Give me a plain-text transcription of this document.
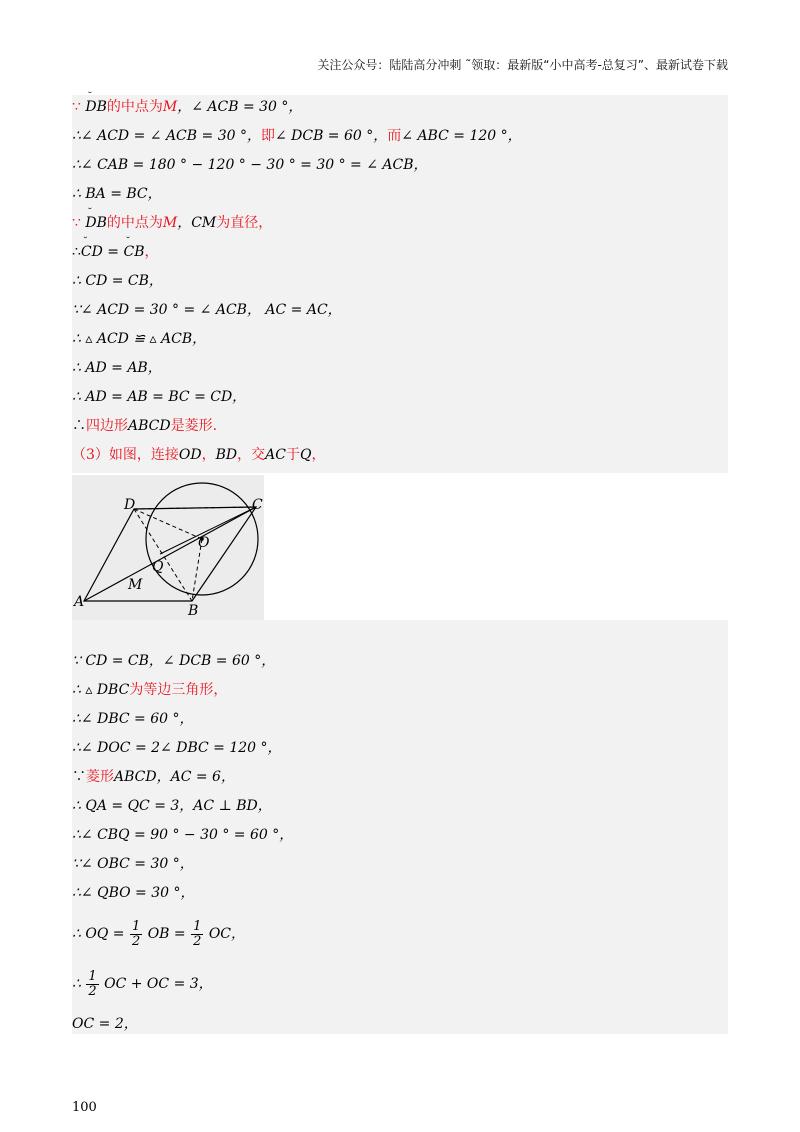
关注公众号：陆陆高分冲刺 ˜领取：最新版“小中高考-总复习”、最新试卷下载
∵ ˘ DB的中点为M，∠ ACB = 30 °，
∴∠ ACD = ∠ ACB = 30 °，即∠ DCB = 60 °，而∠ ABC = 120 °，
∴∠ CAB = 180 ° − 120 ° − 30 ° = 30 ° = ∠ ACB，
∴ BA = BC，
∵ ˘ DB的中点为M，CM为直径，
∴˘ CD = ˘ CB，
∴ CD = CB，
∵∠ ACD = 30 ° = ∠ ACB， AC = AC，
∴ ▵ ACD ≌ ▵ ACB，
∴ AD = AB，
∴ AD = AB = BC = CD，
∴四边形ABCD是菱形.
（3）如图，连接OD，BD，交AC于Q，
A
B
C
D
O
Q
M
∵ CD = CB，∠ DCB = 60 °，
∴ ▵ DBC为等边三角形，
∴∠ DBC = 60 °，
∴∠ DOC = 2∠ DBC = 120 °，
∵菱形ABCD，AC = 6，
∴ QA = QC = 3，AC ⊥ BD，
∴∠ CBQ = 90 ° − 30 ° = 60 °，
∵∠ OBC = 30 °，
∴∠ QBO = 30 °，
∴ OQ = $\frac{1}{2}$ OB = $\frac{1}{2}$ OC，
∴ $\frac{1}{2}$ OC + OC = 3，
OC = 2，
100
